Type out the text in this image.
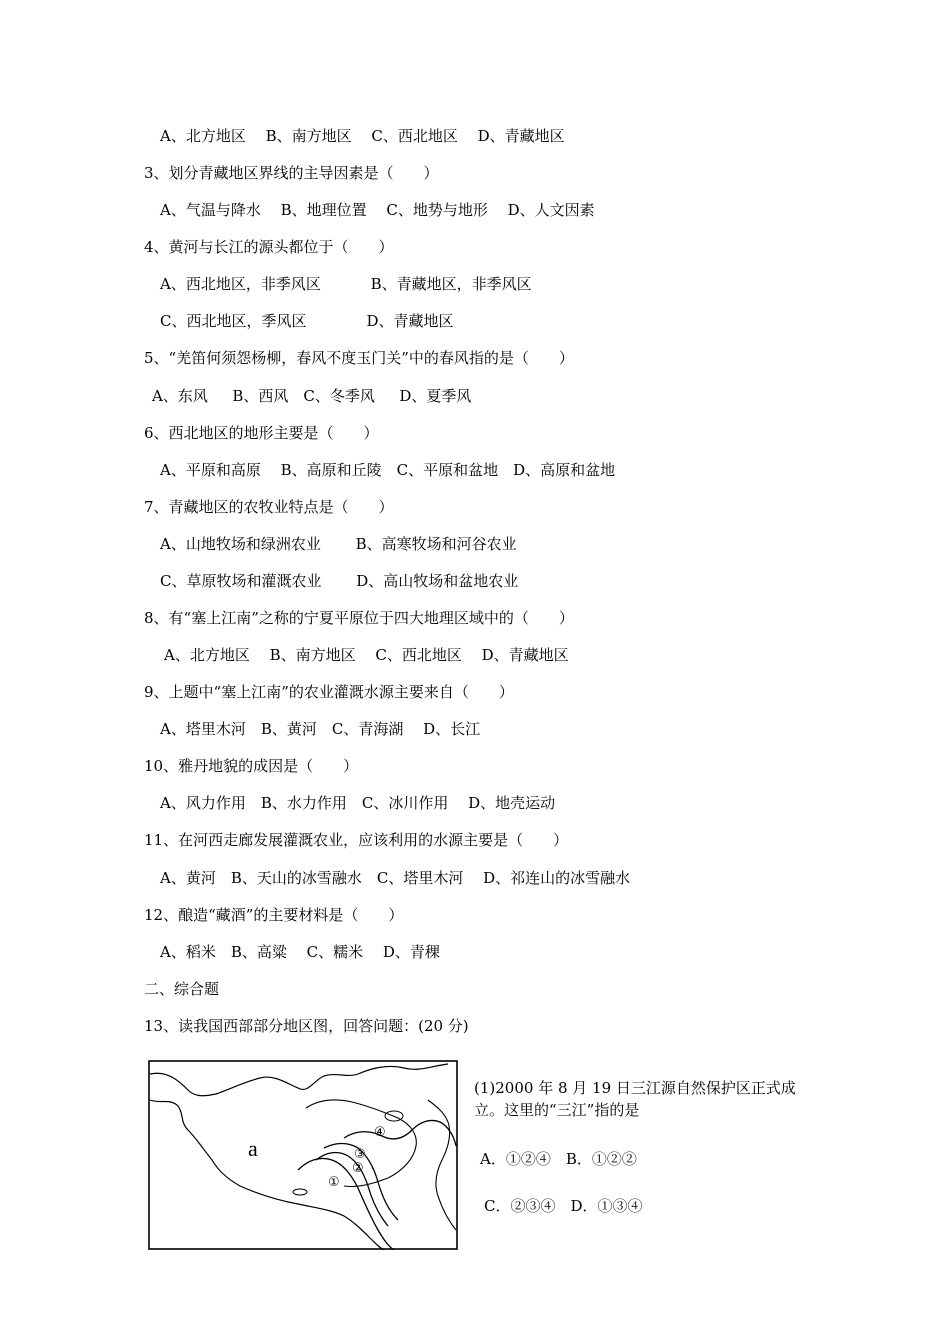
A、北方地区　 B、南方地区　 C、西北地区　 D、青藏地区
3、划分青藏地区界线的主导因素是（　　）
A、气温与降水　 B、地理位置　 C、地势与地形　 D、人文因素
4、黄河与长江的源头都位于（　　）
A、西北地区，非季风区　　　 B、青藏地区，非季风区
C、西北地区，季风区　　　　D、青藏地区
5、“羌笛何须怨杨柳，春风不度玉门关”中的春风指的是（　　）
A、东风　  B、西风　C、冬季风　  D、夏季风
6、西北地区的地形主要是（　　）
A、平原和高原　 B、高原和丘陵　C、平原和盆地　D、高原和盆地
7、青藏地区的农牧业特点是（　　）
A、山地牧场和绿洲农业　　 B、高寒牧场和河谷农业
C、草原牧场和灌溉农业　　 D、高山牧场和盆地农业
8、有“塞上江南”之称的宁夏平原位于四大地理区域中的（　　）
A、北方地区　 B、南方地区　 C、西北地区　 D、青藏地区
9、上题中“塞上江南”的农业灌溉水源主要来自（　　）
A、塔里木河　B、黄河　C、青海湖　 D、长江
10、雅丹地貌的成因是（　　）
A、风力作用　B、水力作用　C、冰川作用　 D、地壳运动
11、在河西走廊发展灌溉农业，应该利用的水源主要是（　　）
A、黄河　B、天山的冰雪融水　C、塔里木河　 D、祁连山的冰雪融水
12、酿造“藏酒”的主要材料是（　　）
A、稻米　B、高粱　 C、糯米　 D、青稞
二、综合题
13、读我国西部部分地区图，回答问题：(20 分)
a
①
②
③
④
(1)2000 年 8 月 19 日三江源自然保护区正式成
立。这里的“三江”指的是
A．①②④　B．①②②
C．②③④　D．①③④
